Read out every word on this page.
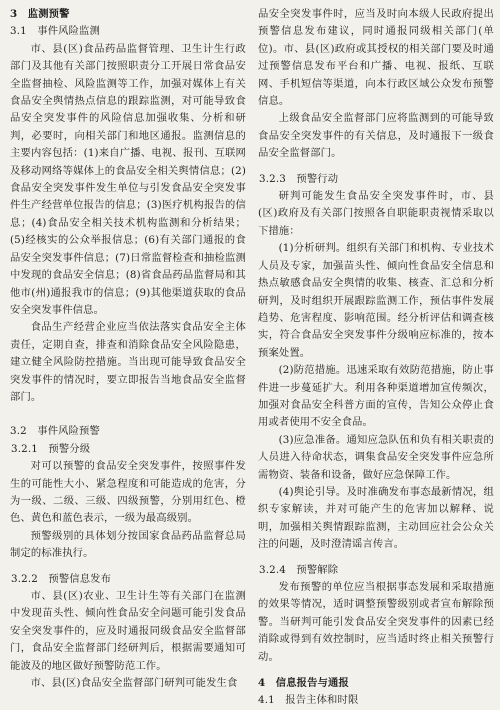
3　监测预警
3.1　事件风险监测

市、县(区)食品药品监督管理、卫生计生行政部门及其他有关部门按照职责分工开展日常食品安全监督抽检、风险监测等工作，加强对媒体上有关食品安全舆情热点信息的跟踪监测，对可能导致食品安全突发事件的风险信息加强收集、分析和研判，必要时，向相关部门和地区通报。监测信息的主要内容包括：(1)来自广播、电视、报刊、互联网及移动网络等媒体上的食品安全相关舆情信息；(2)食品安全突发事件发生单位与引发食品安全突发事件生产经营单位报告的信息；(3)医疗机构报告的信息；(4)食品安全相关技术机构监测和分析结果；(5)经核实的公众举报信息；(6)有关部门通报的食品安全突发事件信息；(7)日常监督检查和抽检监测中发现的食品安全信息；(8)省食品药品监督局和其他市(州)通报我市的信息；(9)其他渠道获取的食品安全突发事件信息。

食品生产经营企业应当依法落实食品安全主体责任，定期自查，排查和消除食品安全风险隐患，建立健全风险防控措施。当出现可能导致食品安全突发事件的情况时，要立即报告当地食品安全监督部门。

3.2　事件风险预警
3.2.1　预警分级

对可以预警的食品安全突发事件，按照事件发生的可能性大小、紧急程度和可能造成的危害，分为一级、二级、三级、四级预警，分别用红色、橙色、黄色和蓝色表示，一级为最高级别。

预警级别的具体划分按国家食品药品监督总局制定的标准执行。

3.2.2　预警信息发布

市、县(区)农业、卫生计生等有关部门在监测中发现苗头性、倾向性食品安全问题可能引发食品安全突发事件的，应及时通报同级食品安全监督部门，食品安全监督部门经研判后，根据需要通知可能波及的地区做好预警防范工作。

市、县(区)食品安全监督部门研判可能发生食

品安全突发事件时，应当及时向本级人民政府提出预警信息发布建议，同时通报同级相关部门(单位)。市、县(区)政府或其授权的相关部门要及时通过预警信息发布平台和广播、电视、报纸、互联网、手机短信等渠道，向本行政区域公众发布预警信息。

上级食品安全监督部门应将监测到的可能导致食品安全突发事件的有关信息，及时通报下一级食品安全监督部门。

3.2.3　预警行动

研判可能发生食品安全突发事件时，市、县(区)政府及有关部门按照各自职能职责视情采取以下措施：

(1)分析研判。组织有关部门和机构、专业技术人员及专家，加强苗头性、倾向性食品安全信息和热点敏感食品安全舆情的收集、核查、汇总和分析研判，及时组织开展跟踪监测工作，预估事件发展趋势、危害程度、影响范围。经分析评估和调查核实，符合食品安全突发事件分级响应标准的，按本预案处置。

(2)防范措施。迅速采取有效防范措施，防止事件进一步蔓延扩大。利用各种渠道增加宣传频次，加强对食品安全科普方面的宣传，告知公众停止食用或者使用不安全食品。

(3)应急准备。通知应急队伍和负有相关职责的人员进入待命状态，调集食品安全突发事件应急所需物资、装备和设备，做好应急保障工作。

(4)舆论引导。及时准确发布事态最新情况，组织专家解读，并对可能产生的危害加以解释、说明，加强相关舆情跟踪监测，主动回应社会公众关注的问题，及时澄清谣言传言。

3.2.4　预警解除

发布预警的单位应当根据事态发展和采取措施的效果等情况，适时调整预警级别或者宣布解除预警。当研判可能引发食品安全突发事件的因素已经消除或得到有效控制时，应当适时终止相关预警行动。

4　信息报告与通报
4.1　报告主体和时限
